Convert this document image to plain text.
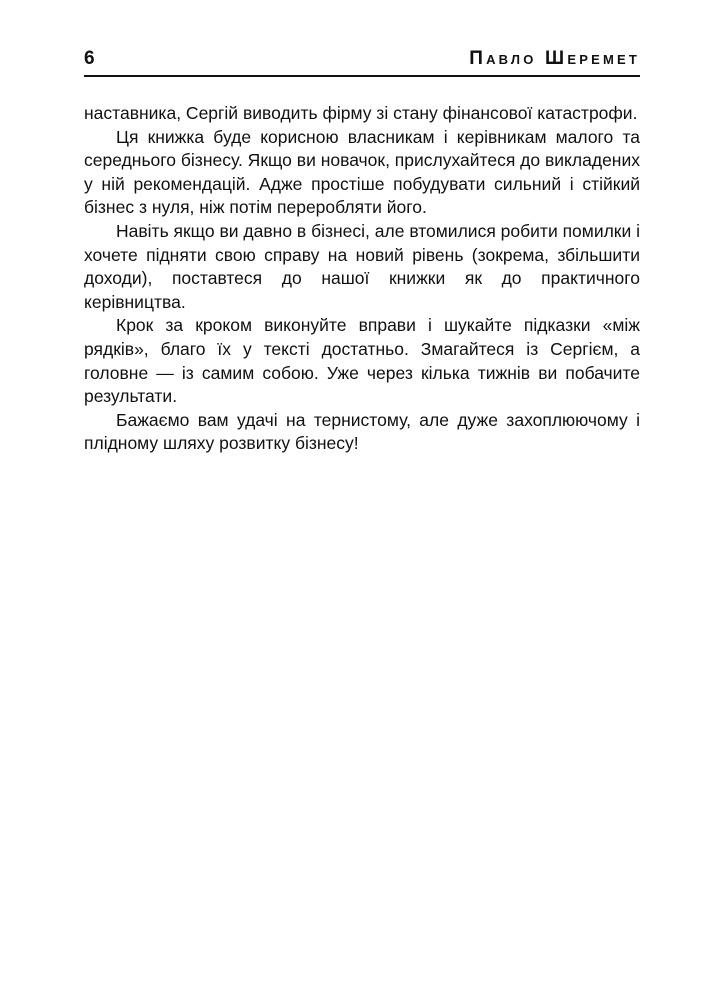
6	Павло Шеремет

наставника, Сергій виводить фірму зі стану фінансової катастрофи.

Ця книжка буде корисною власникам і керівникам малого та середнього бізнесу. Якщо ви новачок, прислухайтеся до викладених у ній рекомендацій. Адже простіше побудувати сильний і стійкий бізнес з нуля, ніж потім переробляти його.

Навіть якщо ви давно в бізнесі, але втомилися робити помилки і хочете підняти свою справу на новий рівень (зокрема, збільшити доходи), поставтеся до нашої книжки як до практичного керівництва.

Крок за кроком виконуйте вправи і шукайте підказки «між рядків», благо їх у тексті достатньо. Змагайтеся із Сергієм, а головне — із самим собою. Уже через кілька тижнів ви побачите результати.

Бажаємо вам удачі на тернистому, але дуже захоплюючому і плідному шляху розвитку бізнесу!
